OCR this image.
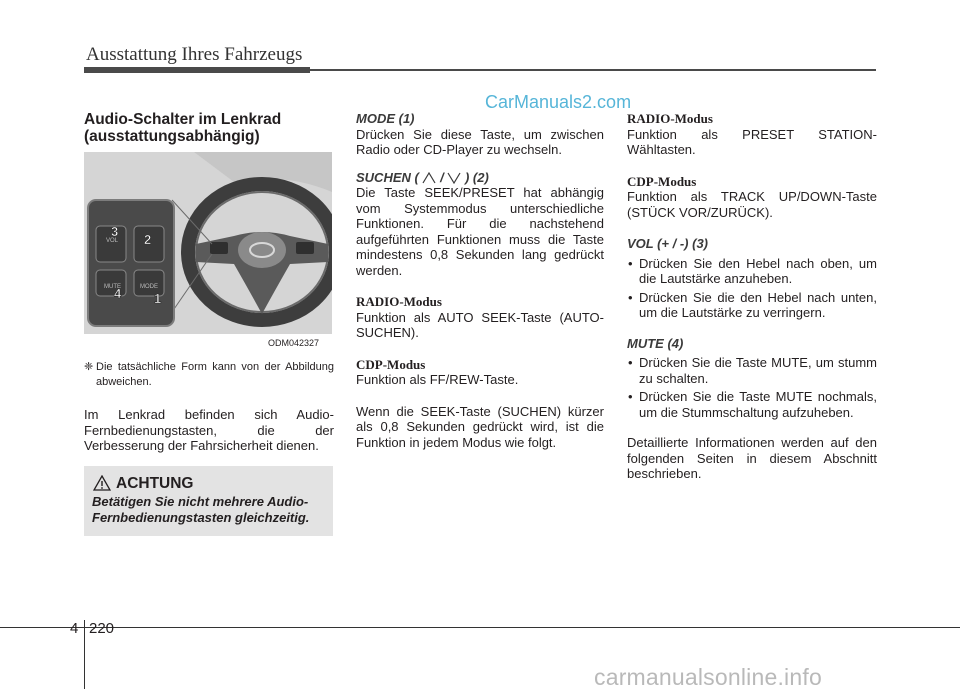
Ausstattung Ihres Fahrzeugs
CarManuals2.com
Audio-Schalter im Lenkrad (ausstattungsabhängig)
VOL
MUTE	MODE
3
2
4	1
ODM042327
❈ Die tatsächliche Form kann von der Abbildung abweichen.
Im Lenkrad befinden sich Audio-Fernbedienungstasten, die der Verbesserung der Fahrsicherheit dienen.
ACHTUNG
Betätigen Sie nicht mehrere Audio-Fernbedienungstasten gleichzeitig.
MODE (1)
Drücken Sie diese Taste, um zwischen Radio oder CD-Player zu wechseln.
SUCHEN ( / ) (2)
Die Taste SEEK/PRESET hat abhängig vom Systemmodus unterschiedliche Funktionen. Für die nachstehend aufgeführten Funktionen muss die Taste mindestens 0,8 Sekunden lang gedrückt werden.
RADIO-Modus
Funktion als AUTO SEEK-Taste (AUTO-SUCHEN).
CDP-Modus
Funktion als FF/REW-Taste.
Wenn die SEEK-Taste (SUCHEN) kürzer als 0,8 Sekunden gedrückt wird, ist die Funktion in jedem Modus wie folgt.
RADIO-Modus
Funktion als PRESET STATION-Wähltasten.
CDP-Modus
Funktion als TRACK UP/DOWN-Taste (STÜCK VOR/ZURÜCK).
VOL (+ / -) (3)
• Drücken Sie den Hebel nach oben, um die Lautstärke anzuheben.
• Drücken Sie die den Hebel nach unten, um die Lautstärke zu verringern.
MUTE (4)
• Drücken Sie die Taste MUTE, um stumm zu schalten.
• Drücken Sie die Taste MUTE nochmals, um die Stummschaltung aufzuheben.
Detaillierte Informationen werden auf den folgenden Seiten in diesem Abschnitt beschrieben.
4 220
carmanualsonline.info
